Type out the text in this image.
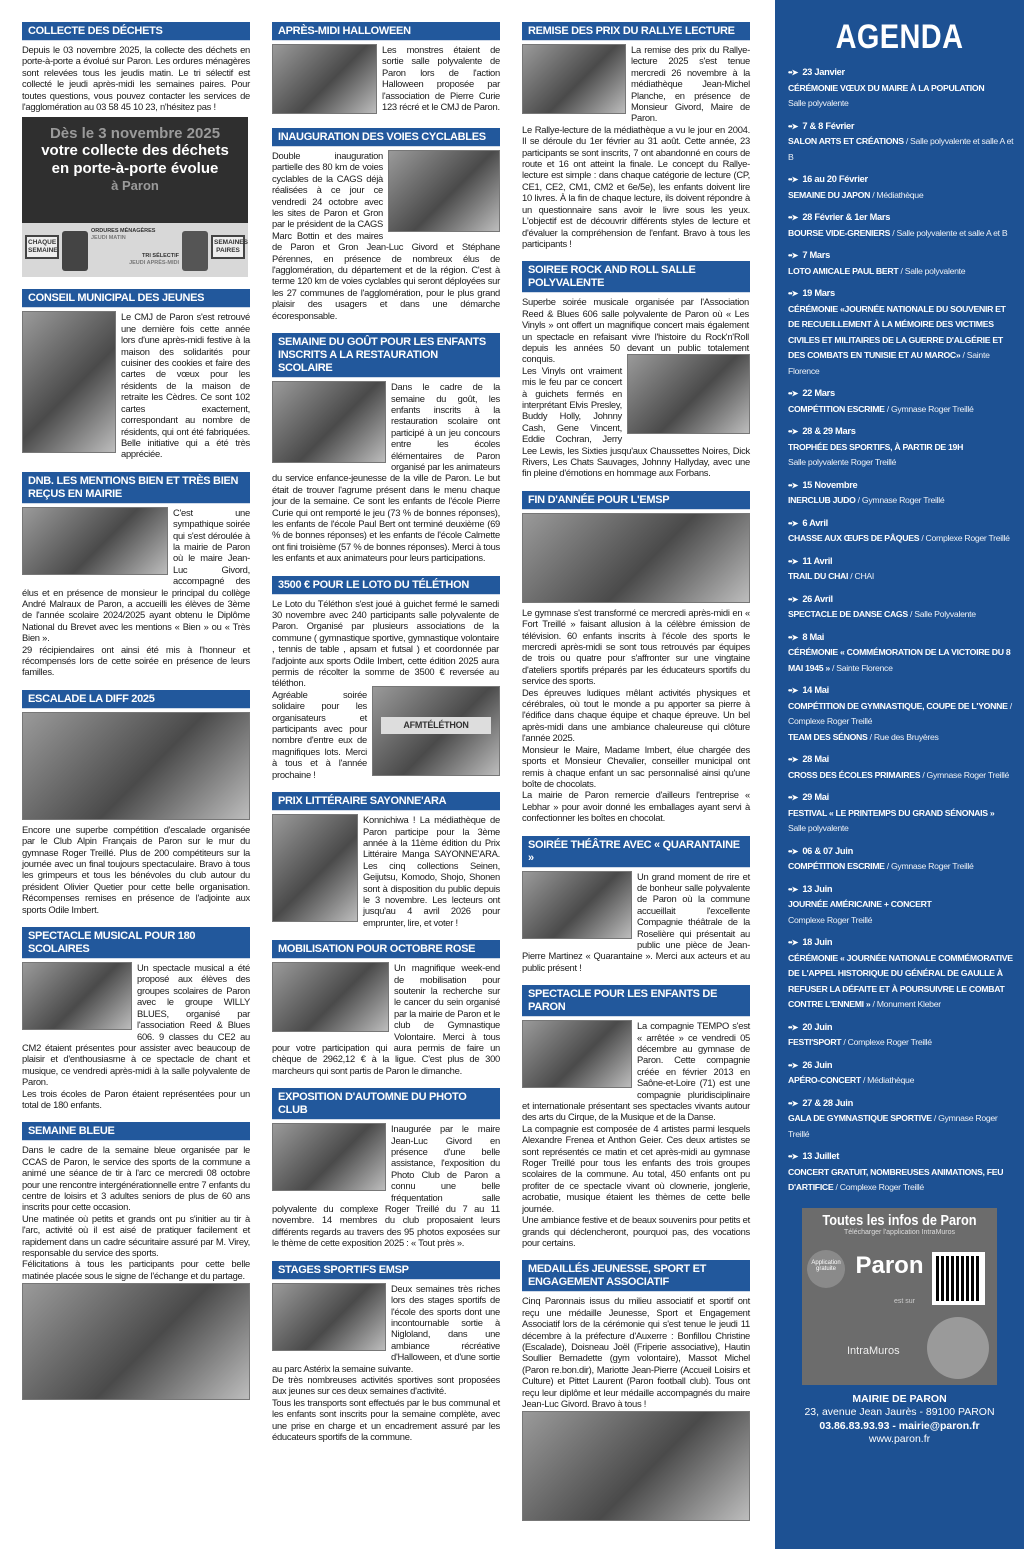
COLLECTE DES DÉCHETS

Depuis le 03 novembre 2025, la collecte des déchets en porte-à-porte a évolué sur Paron. Les ordures ménagères sont relevées tous les jeudis matin. Le tri sélectif est collecté le jeudi après-midi les semaines paires. Pour toutes questions, vous pouvez contacter les services de l'agglomération au 03 58 45 10 23, n'hésitez pas !

Dès le 3 novembre 2025
votre collecte des déchets
en porte-à-porte évolue
à Paron
CHAQUE SEMAINE
ORDURES MÉNAGÈRES
JEUDI MATIN
TRI SÉLECTIF
JEUDI APRÈS-MIDI
SEMAINES PAIRES
CONSEIL MUNICIPAL DES JEUNES

Le CMJ de Paron s'est retrouvé une dernière fois cette année lors d'une après-midi festive à la maison des solidarités pour cuisiner des cookies et faire des cartes de vœux pour les résidents de la maison de retraite les Cèdres. Ce sont 102 cartes exactement, correspondant au nombre de résidents, qui ont été fabriquées. Belle initiative qui a été très appréciée.

DNB. LES MENTIONS BIEN ET TRÈS BIEN REÇUS EN MAIRIE

C'est une sympathique soirée qui s'est déroulée à la mairie de Paron où le maire Jean-Luc Givord, accompagné des élus et en présence de monsieur le principal du collège André Malraux de Paron, a accueilli les élèves de 3ème de l'année scolaire 2024/2025 ayant obtenu le Diplôme National du Brevet avec les mentions « Bien » ou « Très Bien ».

29 récipiendaires ont ainsi été mis à l'honneur et récompensés lors de cette soirée en présence de leurs familles.

ESCALADE LA DIFF 2025

Encore une superbe compétition d'escalade organisée par le Club Alpin Français de Paron sur le mur du gymnase Roger Treillé. Plus de 200 compétiteurs sur la journée avec un final toujours spectaculaire. Bravo à tous les grimpeurs et tous les bénévoles du club autour du président Olivier Quetier pour cette belle organisation. Récompenses remises en présence de l'adjointe aux sports Odile Imbert.

SPECTACLE MUSICAL POUR 180 SCOLAIRES

Un spectacle musical a été proposé aux élèves des groupes scolaires de Paron avec le groupe WILLY BLUES, organisé par l'association Reed & Blues 606. 9 classes du CE2 au CM2 étaient présentes pour assister avec beaucoup de plaisir et d'enthousiasme à ce spectacle de chant et musique, ce vendredi après-midi à la salle polyvalente de Paron.

Les trois écoles de Paron étaient représentées pour un total de 180 enfants.

SEMAINE BLEUE

Dans le cadre de la semaine bleue organisée par le CCAS de Paron, le service des sports de la commune a animé une séance de tir à l'arc ce mercredi 08 octobre pour une rencontre intergénérationnelle entre 7 enfants du centre de loisirs et 3 adultes seniors de plus de 60 ans inscrits pour cette occasion.

Une matinée où petits et grands ont pu s'initier au tir à l'arc, activité où il est aisé de pratiquer facilement et rapidement dans un cadre sécuritaire assuré par M. Virey, responsable du service des sports.

Félicitations à tous les participants pour cette belle matinée placée sous le signe de l'échange et du partage.

APRÈS-MIDI HALLOWEEN

Les monstres étaient de sortie salle polyvalente de Paron lors de l'action Halloween proposée par l'association de Pierre Curie 123 récré et le CMJ de Paron.

INAUGURATION DES VOIES CYCLABLES

Double inauguration partielle des 80 km de voies cyclables de la CAGS déjà réalisées à ce jour ce vendredi 24 octobre avec les sites de Paron et Gron par le président de la CAGS Marc Bottin et des maires de Paron et Gron Jean-Luc Givord et Stéphane Pérennes, en présence de nombreux élus de l'agglomération, du département et de la région. C'est à terme 120 km de voies cyclables qui seront déployées sur les 27 communes de l'agglomération, pour le plus grand plaisir des usagers et dans une démarche écoresponsable.

SEMAINE DU GOÛT POUR LES ENFANTS INSCRITS A LA RESTAURATION SCOLAIRE

Dans le cadre de la semaine du goût, les enfants inscrits à la restauration scolaire ont participé à un jeu concours entre les écoles élémentaires de Paron organisé par les animateurs du service enfance-jeunesse de la ville de Paron. Le but était de trouver l'agrume présent dans le menu chaque jour de la semaine. Ce sont les enfants de l'école Pierre Curie qui ont remporté le jeu (73 % de bonnes réponses), les enfants de l'école Paul Bert ont terminé deuxième (69 % de bonnes réponses) et les enfants de l'école Calmette ont fini troisième (57 % de bonnes réponses). Merci à tous les enfants et aux animateurs pour leurs participations.

3500 € POUR LE LOTO DU TÉLÉTHON
AFMTÉLÉTHON

Le Loto du Téléthon s'est joué à guichet fermé le samedi 30 novembre avec 240 participants salle polyvalente de Paron. Organisé par plusieurs associations de la commune ( gymnastique sportive, gymnastique volontaire , tennis de table , apsam et futsal ) et coordonnée par l'adjointe aux sports Odile Imbert, cette édition 2025 aura permis de récolter la somme de 3500 € reversée au téléthon.

Agréable soirée solidaire pour les organisateurs et participants avec pour nombre d'entre eux de magnifiques lots. Merci à tous et à l'année prochaine !

PRIX LITTÉRAIRE SAYONNE'ARA

Konnichiwa ! La médiathèque de Paron participe pour la 3ème année à la 11ème édition du Prix Littéraire Manga SAYONNE'ARA. Les cinq collections Seinen, Geijutsu, Komodo, Shojo, Shonen sont à disposition du public depuis le 3 novembre. Les lecteurs ont jusqu'au 4 avril 2026 pour emprunter, lire, et voter !

MOBILISATION POUR OCTOBRE ROSE

Un magnifique week-end de mobilisation pour soutenir la recherche sur le cancer du sein organisé par la mairie de Paron et le club de Gymnastique Volontaire. Merci à tous pour votre participation qui aura permis de faire un chèque de 2962,12 € à la ligue. C'est plus de 300 marcheurs qui sont partis de Paron le dimanche.

EXPOSITION D'AUTOMNE DU PHOTO CLUB

Inaugurée par le maire Jean-Luc Givord en présence d'une belle assistance, l'exposition du Photo Club de Paron a connu une belle fréquentation salle polyvalente du complexe Roger Treillé du 7 au 11 novembre. 14 membres du club proposaient leurs différents regards au travers des 95 photos exposées sur le thème de cette exposition 2025 : « Tout près ».

STAGES SPORTIFS EMSP

Deux semaines très riches lors des stages sportifs de l'école des sports dont une incontournable sortie à Nigloland, dans une ambiance récréative d'Halloween, et d'une sortie au parc Astérix la semaine suivante.

De très nombreuses activités sportives sont proposées aux jeunes sur ces deux semaines d'activité.

Tous les transports sont effectués par le bus communal et les enfants sont inscrits pour la semaine complète, avec une prise en charge et un encadrement assuré par les éducateurs sportifs de la commune.

REMISE DES PRIX DU RALLYE LECTURE

La remise des prix du Rallye-lecture 2025 s'est tenue mercredi 26 novembre à la médiathèque Jean-Michel Planche, en présence de Monsieur Givord, Maire de Paron.

Le Rallye-lecture de la médiathèque a vu le jour en 2004. Il se déroule du 1er février au 31 août. Cette année, 23 participants se sont inscrits, 7 ont abandonné en cours de route et 16 ont atteint la finale. Le concept du Rallye-lecture est simple : dans chaque catégorie de lecture (CP, CE1, CE2, CM1, CM2 et 6e/5e), les enfants doivent lire 10 livres. À la fin de chaque lecture, ils doivent répondre à un questionnaire sans avoir le livre sous les yeux. L'objectif est de découvrir différents styles de lecture et d'évaluer la compréhension de l'enfant. Bravo à tous les participants !

SOIREE ROCK AND ROLL SALLE POLYVALENTE

Superbe soirée musicale organisée par l'Association Reed & Blues 606 salle polyvalente de Paron où « Les Vinyls » ont offert un magnifique concert mais également un spectacle en refaisant vivre l'histoire du Rock'n'Roll depuis les années 50 devant un public totalement conquis.

Les Vinyls ont vraiment mis le feu par ce concert à guichets fermés en interprétant Elvis Presley, Buddy Holly, Johnny Cash, Gene Vincent, Eddie Cochran, Jerry Lee Lewis, les Sixties jusqu'aux Chaussettes Noires, Dick Rivers, Les Chats Sauvages, Johnny Hallyday, avec une fin pleine d'émotions en hommage aux Forbans.

FIN D'ANNÉE POUR L'EMSP

Le gymnase s'est transformé ce mercredi après-midi en « Fort Treillé » faisant allusion à la célèbre émission de télévision. 60 enfants inscrits à l'école des sports le mercredi après-midi se sont tous retrouvés par équipes de trois ou quatre pour s'affronter sur une vingtaine d'ateliers sportifs préparés par les éducateurs sportifs du service des sports.

Des épreuves ludiques mêlant activités physiques et cérébrales, où tout le monde a pu apporter sa pierre à l'édifice dans chaque équipe et chaque épreuve. Un bel après-midi dans une ambiance chaleureuse qui clôture l'année 2025.

Monsieur le Maire, Madame Imbert, élue chargée des sports et Monsieur Chevalier, conseiller municipal ont remis à chaque enfant un sac personnalisé ainsi qu'une boîte de chocolats.

La mairie de Paron remercie d'ailleurs l'entreprise « Lebhar » pour avoir donné les emballages ayant servi à confectionner les boîtes en chocolat.

SOIRÉE THÉÂTRE AVEC « QUARANTAINE »

Un grand moment de rire et de bonheur salle polyvalente de Paron où la commune accueillait l'excellente Compagnie théâtrale de la Roselière qui présentait au public une pièce de Jean-Pierre Martinez « Quarantaine ». Merci aux acteurs et au public présent !

SPECTACLE POUR LES ENFANTS DE PARON

La compagnie TEMPO s'est « arrêtée » ce vendredi 05 décembre au gymnase de Paron. Cette compagnie créée en février 2013 en Saône-et-Loire (71) est une compagnie pluridisciplinaire et internationale présentant ses spectacles vivants autour des arts du Cirque, de la Musique et de la Danse.

La compagnie est composée de 4 artistes parmi lesquels Alexandre Frenea et Anthon Geier. Ces deux artistes se sont représentés ce matin et cet après-midi au gymnase Roger Treillé pour tous les enfants des trois groupes scolaires de la commune. Au total, 450 enfants ont pu profiter de ce spectacle vivant où clownerie, jonglerie, acrobatie, musique étaient les thèmes de cette belle journée.

Une ambiance festive et de beaux souvenirs pour petits et grands qui déclencheront, pourquoi pas, des vocations pour certains.

MEDAILLÉS JEUNESSE, SPORT ET ENGAGEMENT ASSOCIATIF

Cinq Paronnais issus du milieu associatif et sportif ont reçu une médaille Jeunesse, Sport et Engagement Associatif lors de la cérémonie qui s'est tenue le jeudi 11 décembre à la préfecture d'Auxerre : Bonfillou Christine (Escalade), Doisneau Joël (Friperie associative), Hautin Soullier Bernadette (gym volontaire), Massot Michel (Paron re.bon.dir), Mariotte Jean-Pierre (Accueil Loisirs et Culture) et Pittet Laurent (Paron football club). Tous ont reçu leur diplôme et leur médaille accompagnés du maire Jean-Luc Givord. Bravo à tous !

AGENDA
••➤ 23 Janvier
CÉRÉMONIE VŒUX DU MAIRE À LA POPULATION
Salle polyvalente
••➤ 7 & 8 Février
SALON ARTS ET CRÉATIONS / Salle polyvalente et salle A et B
••➤ 16 au 20 Février
SEMAINE DU JAPON / Médiathèque
••➤ 28 Février & 1er Mars
BOURSE VIDE-GRENIERS / Salle polyvalente et salle A et B
••➤ 7 Mars
LOTO AMICALE PAUL BERT / Salle polyvalente
••➤ 19 Mars
CÉRÉMONIE «JOURNÉE NATIONALE DU SOUVENIR ET DE RECUEILLEMENT À LA MÉMOIRE DES VICTIMES CIVILES ET MILITAIRES DE LA GUERRE D'ALGÉRIE ET DES COMBATS EN TUNISIE ET AU MAROC» / Sainte Florence
••➤ 22 Mars
COMPÉTITION ESCRIME / Gymnase Roger Treillé
••➤ 28 & 29 Mars
TROPHÉE DES SPORTIFS, À PARTIR DE 19H
Salle polyvalente Roger Treillé
••➤ 15 Novembre
INERCLUB JUDO / Gymnase Roger Treillé
••➤ 6 Avril
CHASSE AUX ŒUFS DE PÂQUES / Complexe Roger Treillé
••➤ 11 Avril
TRAIL DU CHAI / CHAI
••➤ 26 Avril
SPECTACLE DE DANSE CAGS / Salle Polyvalente
••➤ 8 Mai
CÉRÉMONIE « COMMÉMORATION DE LA VICTOIRE DU 8 MAI 1945 » / Sainte Florence
••➤ 14 Mai
COMPÉTITION DE GYMNASTIQUE, COUPE DE L'YONNE / Complexe Roger Treillé
TEAM DES SÉNONS / Rue des Bruyères
••➤ 28 Mai
CROSS DES ÉCOLES PRIMAIRES / Gymnase Roger Treillé
••➤ 29 Mai
FESTIVAL « LE PRINTEMPS DU GRAND SÉNONAIS »
Salle polyvalente
••➤ 06 & 07 Juin
COMPÉTITION ESCRIME / Gymnase Roger Treillé
••➤ 13 Juin
JOURNÉE AMÉRICAINE + CONCERT
Complexe Roger Treillé
••➤ 18 Juin
CÉRÉMONIE « JOURNÉE NATIONALE COMMÉMORATIVE DE L'APPEL HISTORIQUE DU GÉNÉRAL DE GAULLE À REFUSER LA DÉFAITE ET À POURSUIVRE LE COMBAT CONTRE L'ENNEMI » / Monument Kleber
••➤ 20 Juin
FESTI'SPORT / Complexe Roger Treillé
••➤ 26 Juin
APÉRO-CONCERT / Médiathèque
••➤ 27 & 28 Juin
GALA DE GYMNASTIQUE SPORTIVE / Gymnase Roger Treillé
••➤ 13 Juillet
CONCERT GRATUIT, NOMBREUSES ANIMATIONS, FEU D'ARTIFICE / Complexe Roger Treillé
Toutes les infos de Paron
Télécharger l'application IntraMuros
Application gratuite Paron
est sur
IntraMuros
MAIRIE DE PARON
23, avenue Jean Jaurès - 89100 PARON
03.86.83.93.93 - mairie@paron.fr
www.paron.fr
